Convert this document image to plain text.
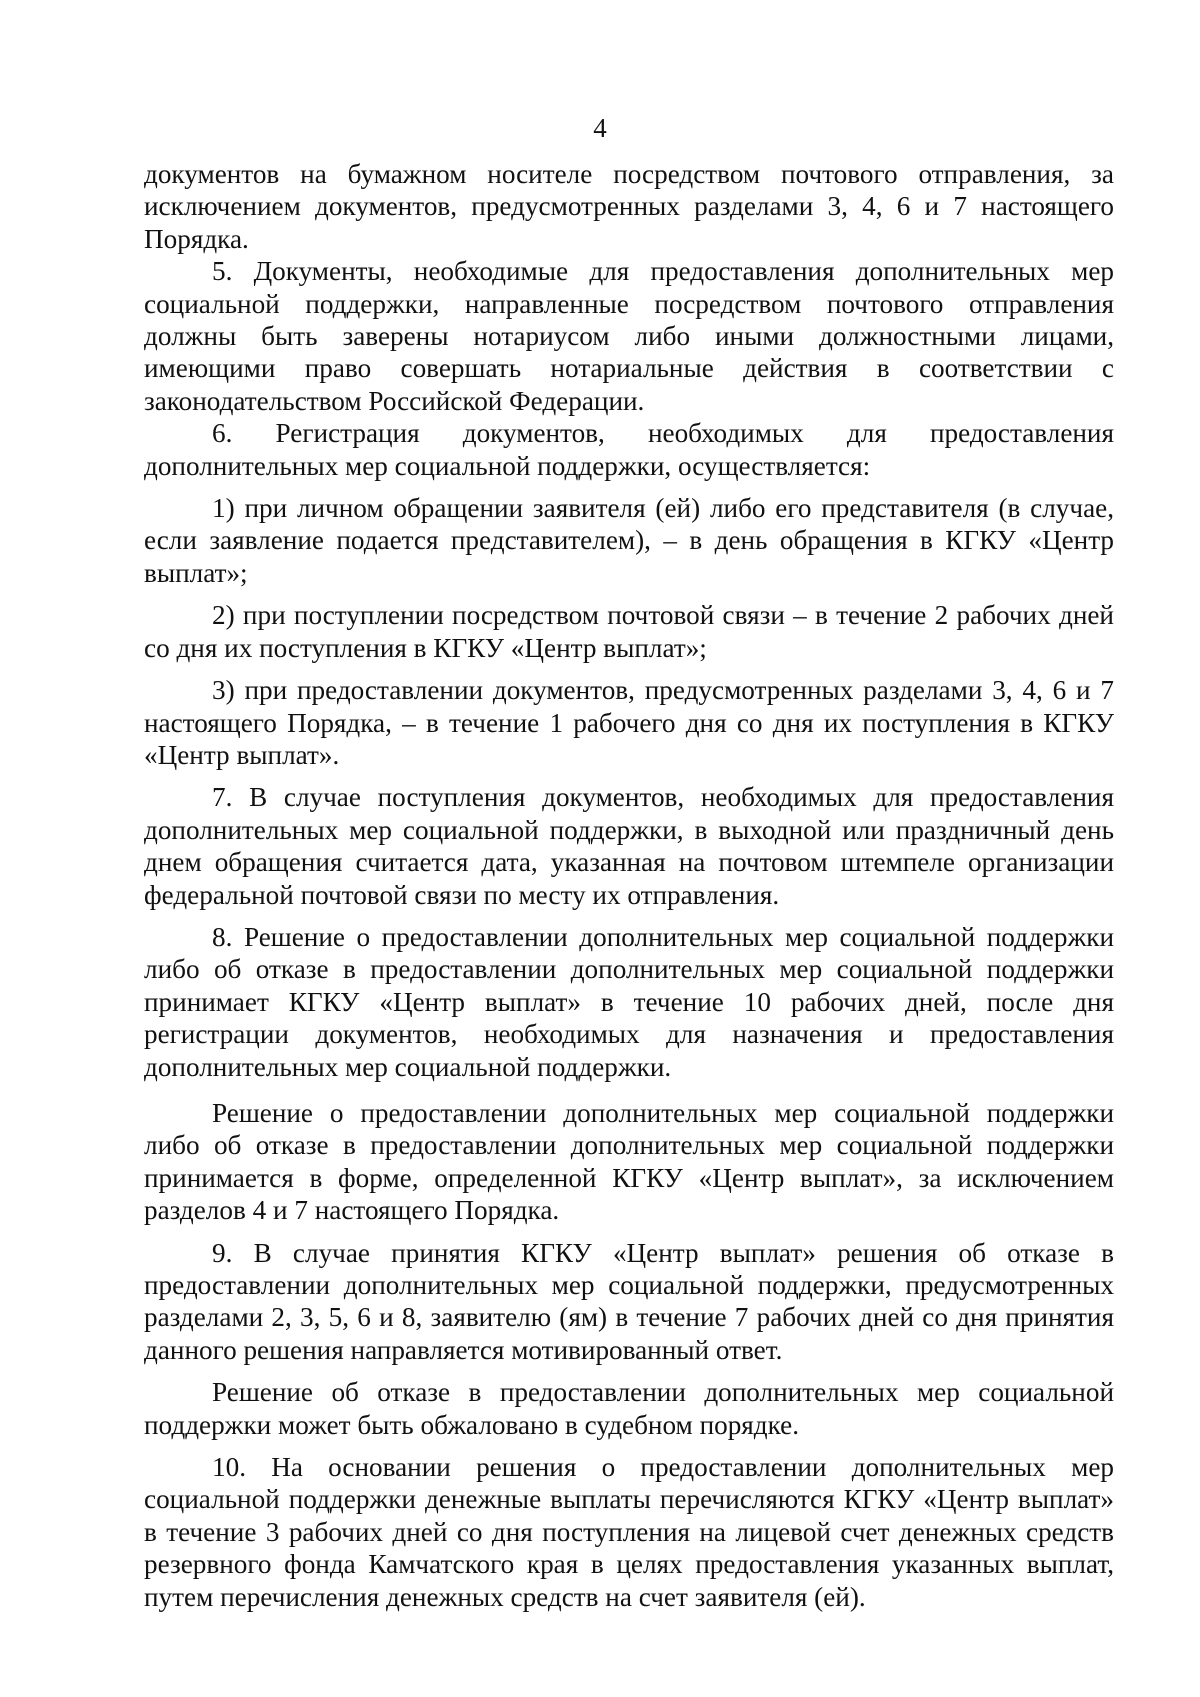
4

документов на бумажном носителе посредством почтового отправления, за исключением документов, предусмотренных разделами 3, 4, 6 и 7 настоящего Порядка.

5. Документы, необходимые для предоставления дополнительных мер социальной поддержки, направленные посредством почтового отправления должны быть заверены нотариусом либо иными должностными лицами, имеющими право совершать нотариальные действия в соответствии с законодательством Российской Федерации.

6. Регистрация документов, необходимых для предоставления дополнительных мер социальной поддержки, осуществляется:

1) при личном обращении заявителя (ей) либо его представителя (в случае, если заявление подается представителем), – в день обращения в КГКУ «Центр выплат»;

2) при поступлении посредством почтовой связи – в течение 2 рабочих дней со дня их поступления в КГКУ «Центр выплат»;

3) при предоставлении документов, предусмотренных разделами 3, 4, 6 и 7 настоящего Порядка, – в течение 1 рабочего дня со дня их поступления в КГКУ «Центр выплат».

7. В случае поступления документов, необходимых для предоставления дополнительных мер социальной поддержки, в выходной или праздничный день днем обращения считается дата, указанная на почтовом штемпеле организации федеральной почтовой связи по месту их отправления.

8. Решение о предоставлении дополнительных мер социальной поддержки либо об отказе в предоставлении дополнительных мер социальной поддержки принимает КГКУ «Центр выплат» в течение 10 рабочих дней, после дня регистрации документов, необходимых для назначения и предоставления дополнительных мер социальной поддержки.

Решение о предоставлении дополнительных мер социальной поддержки либо об отказе в предоставлении дополнительных мер социальной поддержки принимается в форме, определенной КГКУ «Центр выплат», за исключением разделов 4 и 7 настоящего Порядка.

9. В случае принятия КГКУ «Центр выплат» решения об отказе в предоставлении дополнительных мер социальной поддержки, предусмотренных разделами 2, 3, 5, 6 и 8, заявителю (ям) в течение 7 рабочих дней со дня принятия данного решения направляется мотивированный ответ.

Решение об отказе в предоставлении дополнительных мер социальной поддержки может быть обжаловано в судебном порядке.

10. На основании решения о предоставлении дополнительных мер социальной поддержки денежные выплаты перечисляются КГКУ «Центр выплат» в течение 3 рабочих дней со дня поступления на лицевой счет денежных средств резервного фонда Камчатского края в целях предоставления указанных выплат, путем перечисления денежных средств на счет заявителя (ей).
